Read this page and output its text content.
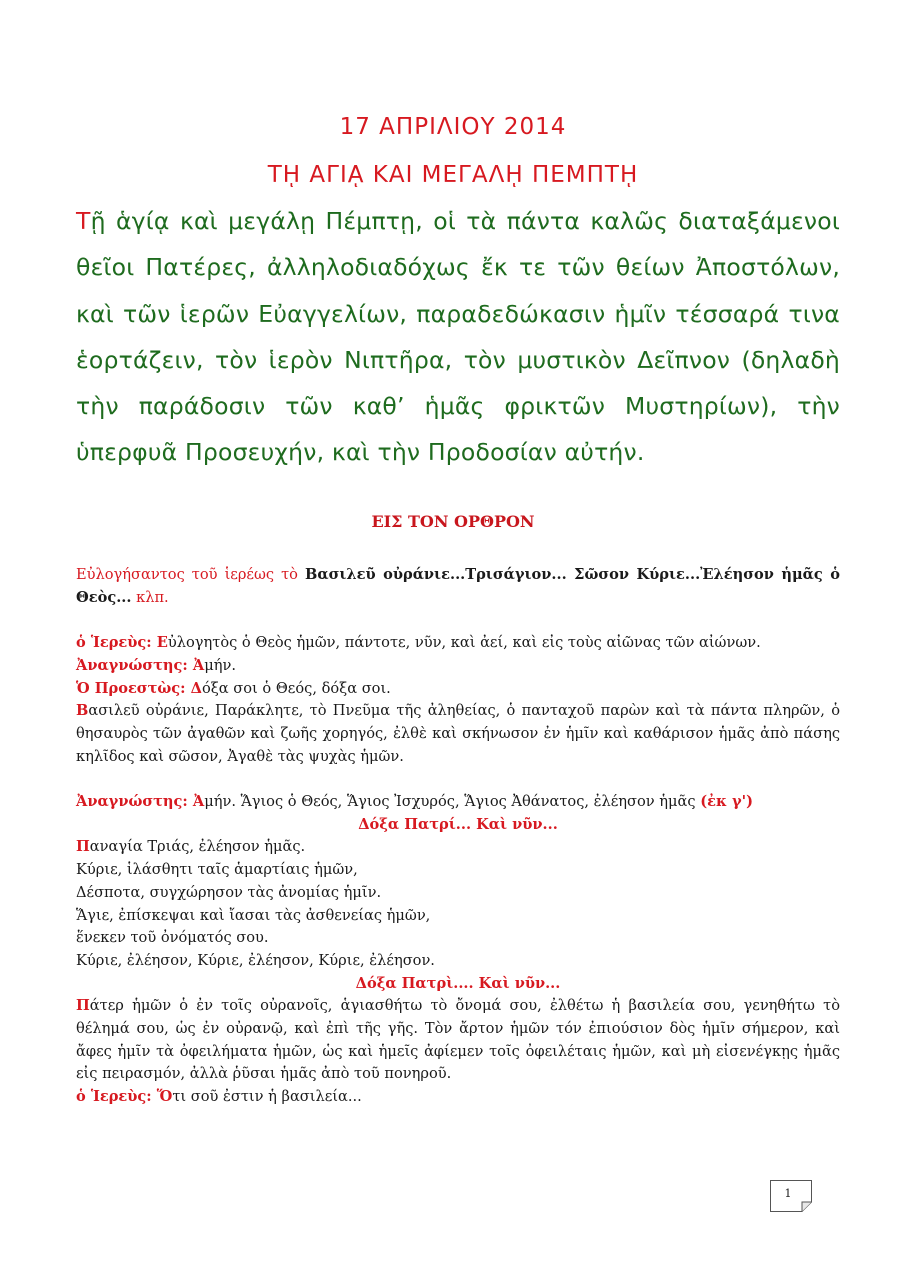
17 ΑΠΡΙΛΙΟΥ 2014
Τῌ ΑΓΙᾼ ΚΑΙ ΜΕΓΑΛῌ ΠΕΜΠΤῌ
Τῇ ἁγίᾳ καὶ μεγάλῃ Πέμπτῃ, οἱ τὰ πάντα καλῶς διαταξάμενοι θεῖοι Πατέρες, ἀλληλοδιαδόχως ἔκ τε τῶν θείων Ἀποστόλων, καὶ τῶν ἱερῶν Εὐαγγελίων, παραδεδώκασιν ἡμῖν τέσσαρά τινα ἑορτάζειν, τὸν ἱερὸν Νιπτῆρα, τὸν μυστικὸν Δεῖπνον (δηλαδὴ τὴν παράδοσιν τῶν καθ’ ἡμᾶς φρικτῶν Μυστηρίων), τὴν ὑπερφυᾶ Προσευχήν, καὶ τὴν Προδοσίαν αὐτήν.
ΕΙΣ ΤΟΝ ΟΡΘΡΟΝ

Εὐλογήσαντος τοῦ ἱερέως τὸ Βασιλεῦ οὐράνιε...Τρισάγιον... Σῶσον Κύριε...Ἐλέησον ἡμᾶς ὁ Θεὸς... κλπ.

ὁ Ἱερεὺς: Εὐλογητὸς ὁ Θεὸς ἡμῶν, πάντοτε, νῦν, καὶ ἀεί, καὶ εἰς τοὺς αἰῶνας τῶν αἰώνων.

Ἀναγνώστης: Ἀμήν.

Ὁ Προεστὼς: Δόξα σοι ὁ Θεός, δόξα σοι.

Βασιλεῦ οὐράνιε, Παράκλητε, τὸ Πνεῦμα τῆς ἀληθείας, ὁ πανταχοῦ παρὼν καὶ τὰ πάντα πληρῶν, ὁ θησαυρὸς τῶν ἀγαθῶν καὶ ζωῆς χορηγός, ἐλθὲ καὶ σκήνωσον ἐν ἡμῖν καὶ καθάρισον ἡμᾶς ἀπὸ πάσης κηλῖδος καὶ σῶσον, Ἀγαθὲ τὰς ψυχὰς ἡμῶν.

Ἀναγνώστης: Ἀμήν. Ἅγιος ὁ Θεός, Ἅγιος Ἰσχυρός, Ἅγιος Ἀθάνατος, ἐλέησον ἡμᾶς (ἐκ γ')

Δόξα Πατρί... Καὶ νῦν...

Παναγία Τριάς, ἐλέησον ἡμᾶς.

Κύριε, ἱλάσθητι ταῖς ἁμαρτίαις ἡμῶν,

Δέσποτα, συγχώρησον τὰς ἀνομίας ἡμῖν.

Ἅγιε, ἐπίσκεψαι καὶ ἴασαι τὰς ἀσθενείας ἡμῶν,

ἕνεκεν τοῦ ὀνόματός σου.

Κύριε, ἐλέησον, Κύριε, ἐλέησον, Κύριε, ἐλέησον.

Δόξα Πατρὶ.... Καὶ νῦν...

Πάτερ ἡμῶν ὁ ἐν τοῖς οὐρανοῖς, ἁγιασθήτω τὸ ὄνομά σου, ἐλθέτω ἡ βασιλεία σου, γενηθήτω τὸ θέλημά σου, ὡς ἐν οὐρανῷ, καὶ ἐπὶ τῆς γῆς. Τὸν ἄρτον ἡμῶν τόν ἐπιούσιον δὸς ἡμῖν σήμερον, καὶ ἄφες ἡμῖν τὰ ὀφειλήματα ἡμῶν, ὡς καὶ ἡμεῖς ἀφίεμεν τοῖς ὀφειλέταις ἡμῶν, καὶ μὴ εἰσενέγκῃς ἡμᾶς εἰς πειρασμόν, ἀλλὰ ῥῦσαι ἡμᾶς ἀπὸ τοῦ πονηροῦ.

ὁ Ἱερεὺς: Ὅτι σοῦ ἐστιν ἡ βασιλεία...

1
